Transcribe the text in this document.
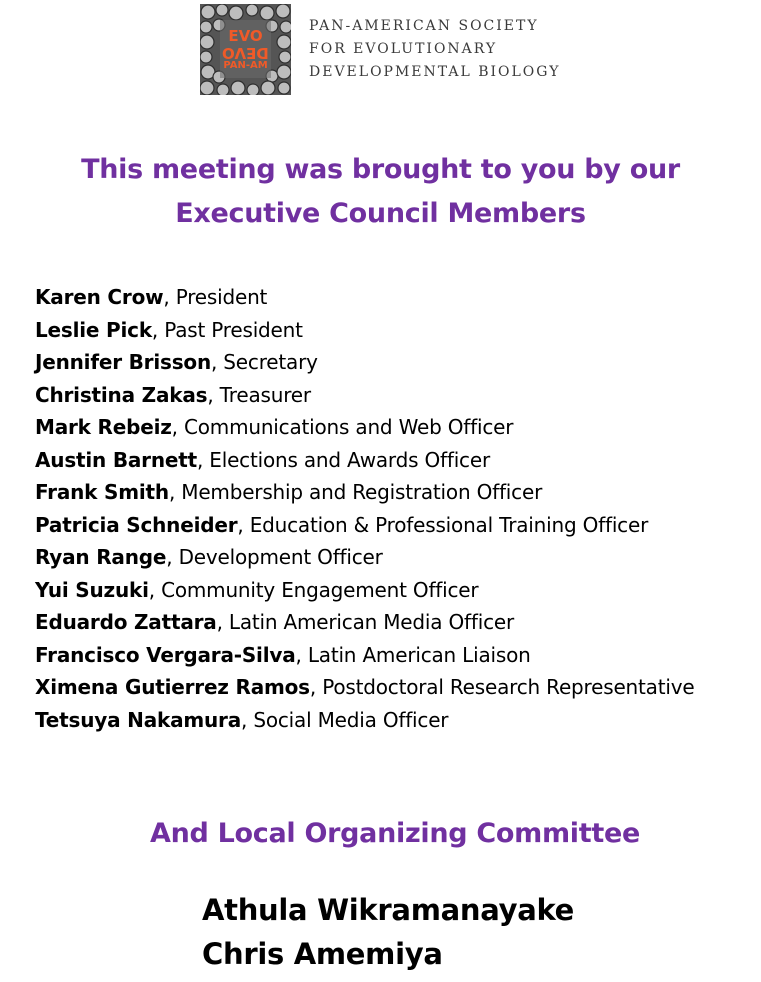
EVO
DEVO
PAN-AM
PAN-AMERICAN SOCIETY
FOR EVOLUTIONARY
DEVELOPMENTAL BIOLOGY
This meeting was brought to you by our
Executive Council Members
Karen Crow, President
Leslie Pick, Past President
Jennifer Brisson, Secretary
Christina Zakas, Treasurer
Mark Rebeiz, Communications and Web Officer
Austin Barnett, Elections and Awards Officer
Frank Smith, Membership and Registration Officer
Patricia Schneider, Education & Professional Training Officer
Ryan Range, Development Officer
Yui Suzuki, Community Engagement Officer
Eduardo Zattara, Latin American Media Officer
Francisco Vergara-Silva, Latin American Liaison
Ximena Gutierrez Ramos, Postdoctoral Research Representative
Tetsuya Nakamura, Social Media Officer
And Local Organizing Committee
Athula Wikramanayake
Chris Amemiya
